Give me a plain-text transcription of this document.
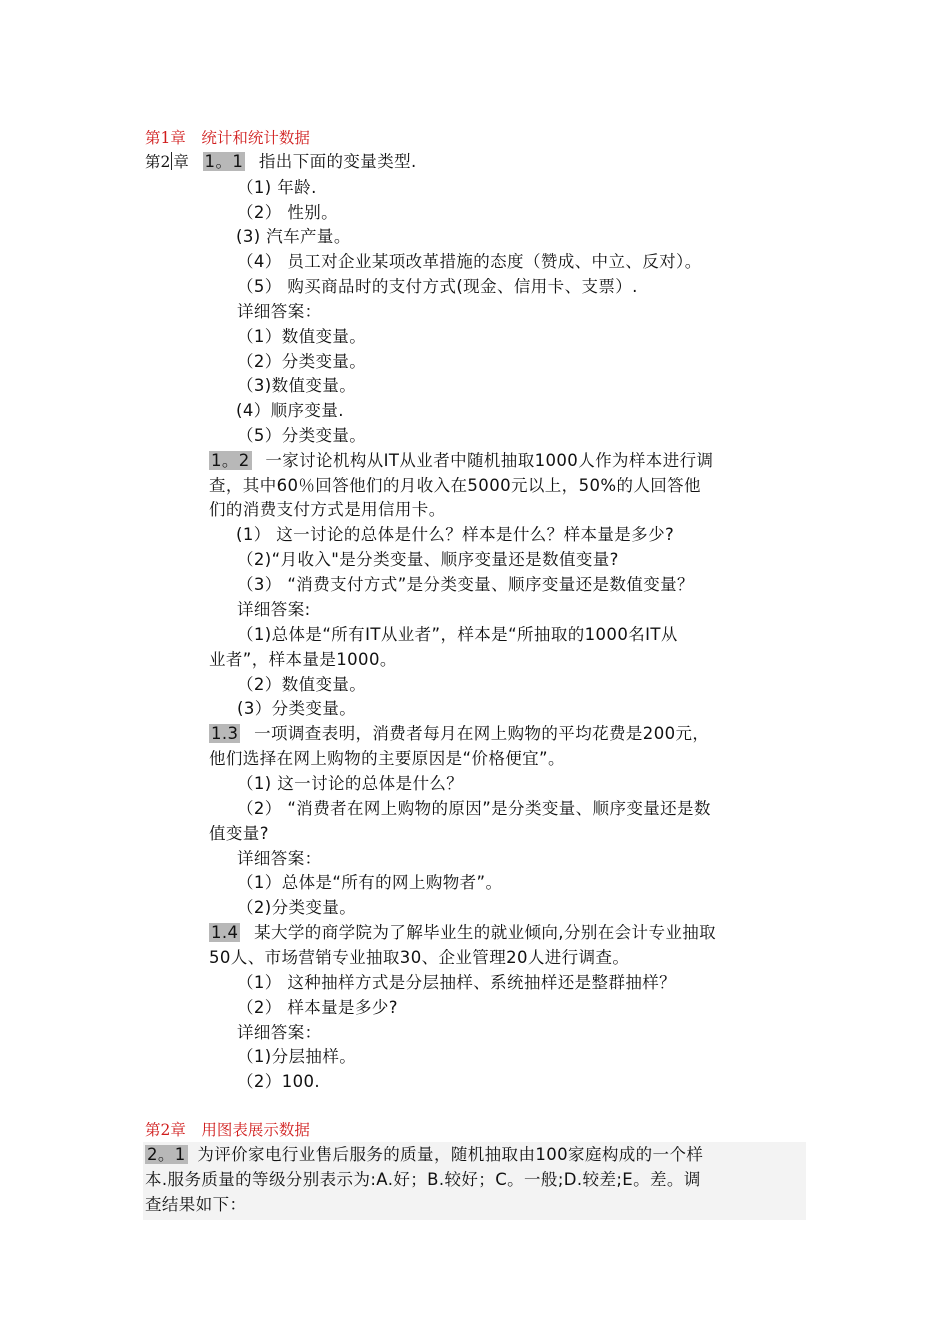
第1章　统计和统计数据
第2 章 1。1 指出下面的变量类型.
（1) 年龄.
（2） 性别。
(3) 汽车产量。
（4） 员工对企业某项改革措施的态度（赞成、中立、反对）。
（5） 购买商品时的支付方式(现金、信用卡、支票）.
详细答案：
（1）数值变量。
（2）分类变量。
（3)数值变量。
(4）顺序变量.
（5）分类变量。
1。2 一家讨论机构从IT从业者中随机抽取1000人作为样本进行调
查，其中60％回答他们的月收入在5000元以上，50%的人回答他
们的消费支付方式是用信用卡。
(1） 这一讨论的总体是什么？样本是什么？样本量是多少?
（2)“月收入"是分类变量、顺序变量还是数值变量?
（3） “消费支付方式”是分类变量、顺序变量还是数值变量？
详细答案:
（1)总体是“所有IT从业者”，样本是“所抽取的1000名IT从
业者”，样本量是1000。
（2）数值变量。
(3）分类变量。
1.3 一项调查表明，消费者每月在网上购物的平均花费是200元，
他们选择在网上购物的主要原因是“价格便宜”。
（1) 这一讨论的总体是什么？
（2） “消费者在网上购物的原因”是分类变量、顺序变量还是数
值变量?
详细答案：
（1）总体是“所有的网上购物者”。
（2)分类变量。
1.4 某大学的商学院为了解毕业生的就业倾向,分别在会计专业抽取
50人、市场营销专业抽取30、企业管理20人进行调查。
（1） 这种抽样方式是分层抽样、系统抽样还是整群抽样？
（2） 样本量是多少?
详细答案：
（1)分层抽样。
（2）100.
第2章　用图表展示数据
2。1 为评价家电行业售后服务的质量，随机抽取由100家庭构成的一个样
本.服务质量的等级分别表示为:A.好；B.较好；C。一般;D.较差;E。差。调
查结果如下：
